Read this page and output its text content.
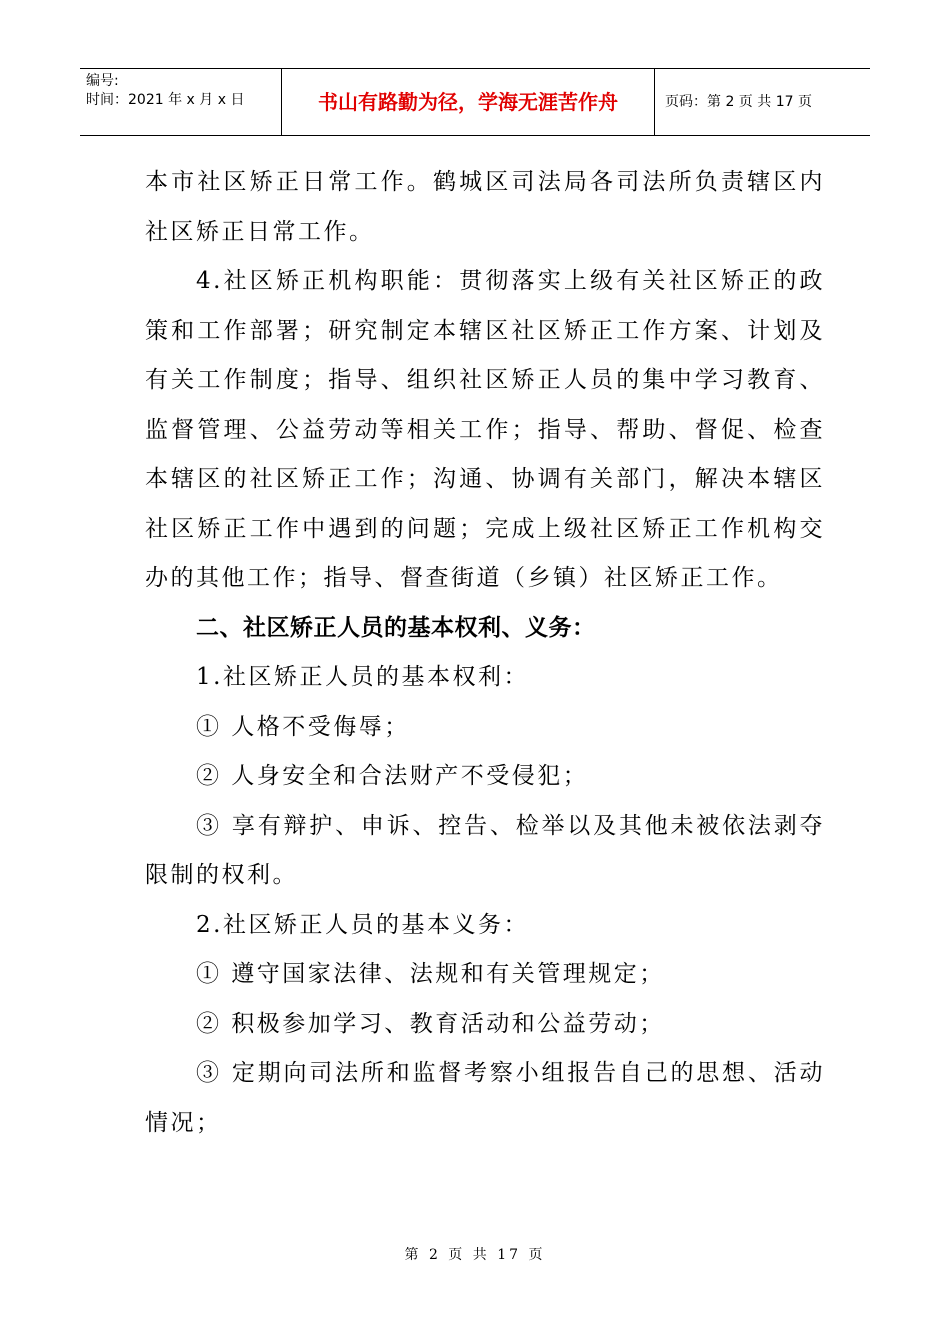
编号:
时间：2021 年 x 月 x 日	书山有路勤为径，学海无涯苦作舟	页码：第 2 页 共 17 页

本市社区矫正日常工作。鹤城区司法局各司法所负责辖区内社区矫正日常工作。

4.社区矫正机构职能：贯彻落实上级有关社区矫正的政策和工作部署；研究制定本辖区社区矫正工作方案、计划及有关工作制度；指导、组织社区矫正人员的集中学习教育、监督管理、公益劳动等相关工作；指导、帮助、督促、检查本辖区的社区矫正工作；沟通、协调有关部门，解决本辖区社区矫正工作中遇到的问题；完成上级社区矫正工作机构交办的其他工作；指导、督查街道（乡镇）社区矫正工作。

二、社区矫正人员的基本权利、义务：

1.社区矫正人员的基本权利：

① 人格不受侮辱；

② 人身安全和合法财产不受侵犯；

③ 享有辩护、申诉、控告、检举以及其他未被依法剥夺限制的权利。

2.社区矫正人员的基本义务：

① 遵守国家法律、法规和有关管理规定；

② 积极参加学习、教育活动和公益劳动；

③ 定期向司法所和监督考察小组报告自己的思想、活动情况；

第 2 页 共 17 页
